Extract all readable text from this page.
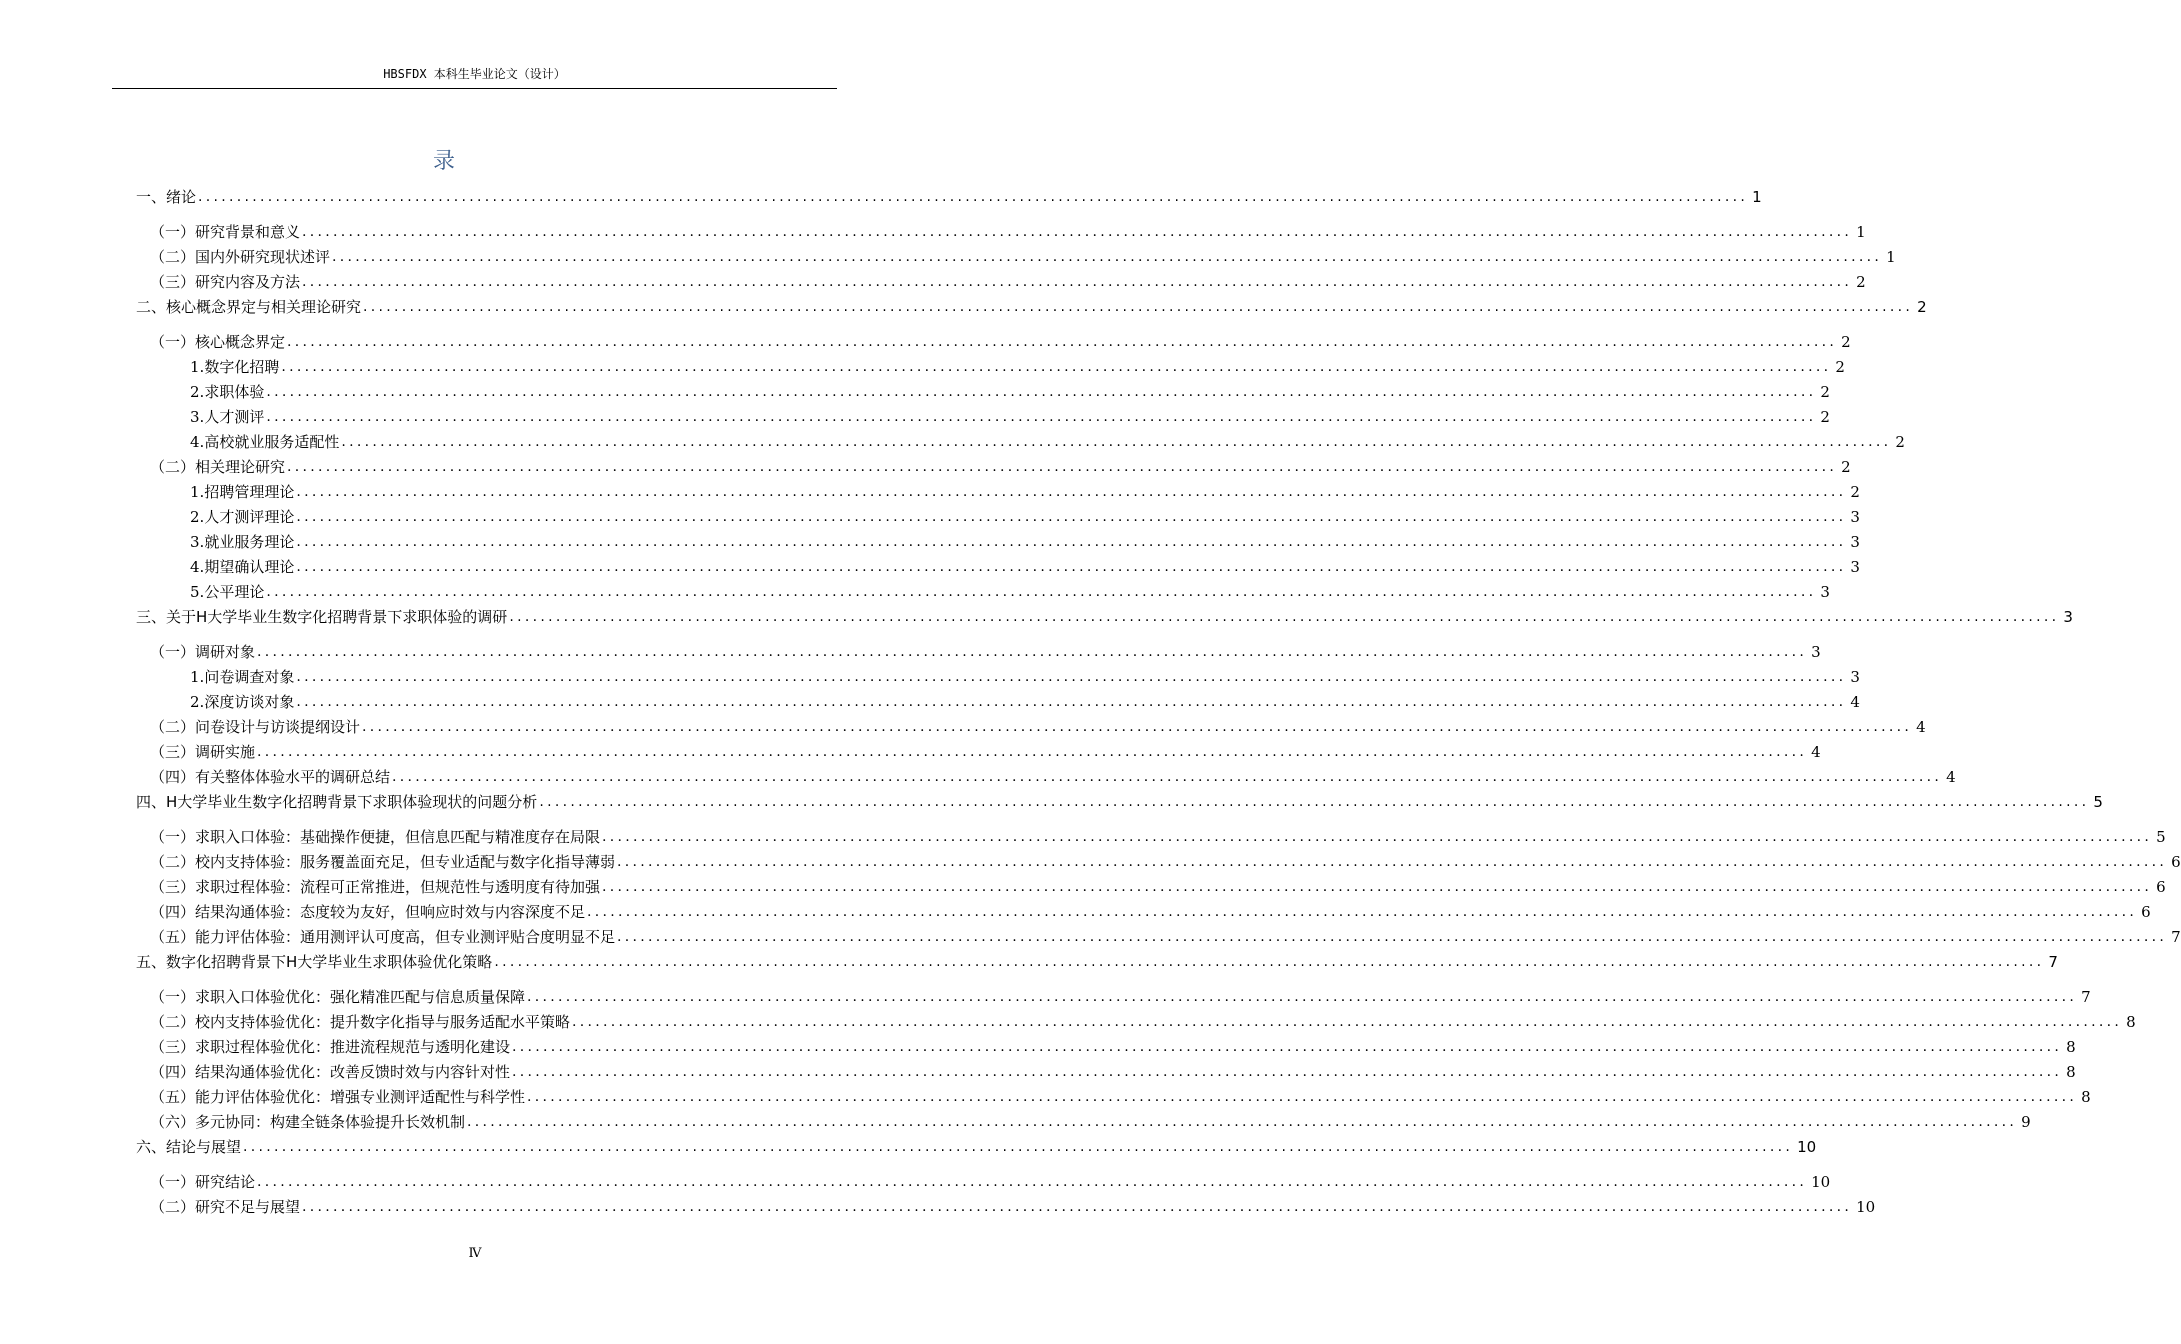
HBSFDX 本科生毕业论文（设计）
录
一、 绪论 ........................................................................................................................................................................................................ 1
（一） 研究背景和意义 ........................................................................................................................................................................................................ 1
（二） 国内外研究现状述评 ........................................................................................................................................................................................................ 1
（三） 研究内容及方法 ........................................................................................................................................................................................................ 2
二、 核心概念界定与相关理论研究 ........................................................................................................................................................................................................ 2
（一） 核心概念界定 ........................................................................................................................................................................................................ 2
1. 数字化招聘 ........................................................................................................................................................................................................ 2
2. 求职体验 ........................................................................................................................................................................................................ 2
3. 人才测评 ........................................................................................................................................................................................................ 2
4. 高校就业服务适配性 ........................................................................................................................................................................................................ 2
（二） 相关理论研究 ........................................................................................................................................................................................................ 2
1. 招聘管理理论 ........................................................................................................................................................................................................ 2
2. 人才测评理论 ........................................................................................................................................................................................................ 3
3. 就业服务理论 ........................................................................................................................................................................................................ 3
4. 期望确认理论 ........................................................................................................................................................................................................ 3
5. 公平理论 ........................................................................................................................................................................................................ 3
三、 关于H大学毕业生数字化招聘背景下求职体验的调研 ........................................................................................................................................................................................................ 3
（一） 调研对象 ........................................................................................................................................................................................................ 3
1. 问卷调查对象 ........................................................................................................................................................................................................ 3
2. 深度访谈对象 ........................................................................................................................................................................................................ 4
（二） 问卷设计与访谈提纲设计 ........................................................................................................................................................................................................ 4
（三） 调研实施 ........................................................................................................................................................................................................ 4
（四） 有关整体体验水平的调研总结 ........................................................................................................................................................................................................ 4
四、 H大学毕业生数字化招聘背景下求职体验现状的问题分析 ........................................................................................................................................................................................................ 5
（一） 求职入口体验：基础操作便捷，但信息匹配与精准度存在局限 ........................................................................................................................................................................................................ 5
（二） 校内支持体验：服务覆盖面充足，但专业适配与数字化指导薄弱 ........................................................................................................................................................................................................ 6
（三） 求职过程体验：流程可正常推进，但规范性与透明度有待加强 ........................................................................................................................................................................................................ 6
（四） 结果沟通体验：态度较为友好，但响应时效与内容深度不足 ........................................................................................................................................................................................................ 6
（五） 能力评估体验：通用测评认可度高，但专业测评贴合度明显不足 ........................................................................................................................................................................................................ 7
五、 数字化招聘背景下H大学毕业生求职体验优化策略 ........................................................................................................................................................................................................ 7
（一） 求职入口体验优化：强化精准匹配与信息质量保障 ........................................................................................................................................................................................................ 7
（二） 校内支持体验优化：提升数字化指导与服务适配水平策略 ........................................................................................................................................................................................................ 8
（三） 求职过程体验优化：推进流程规范与透明化建设 ........................................................................................................................................................................................................ 8
（四） 结果沟通体验优化：改善反馈时效与内容针对性 ........................................................................................................................................................................................................ 8
（五） 能力评估体验优化：增强专业测评适配性与科学性 ........................................................................................................................................................................................................ 8
（六） 多元协同：构建全链条体验提升长效机制 ........................................................................................................................................................................................................ 9
六、 结论与展望 ........................................................................................................................................................................................................ 10
（一） 研究结论 ........................................................................................................................................................................................................ 10
（二） 研究不足与展望 ........................................................................................................................................................................................................ 10
Ⅳ
